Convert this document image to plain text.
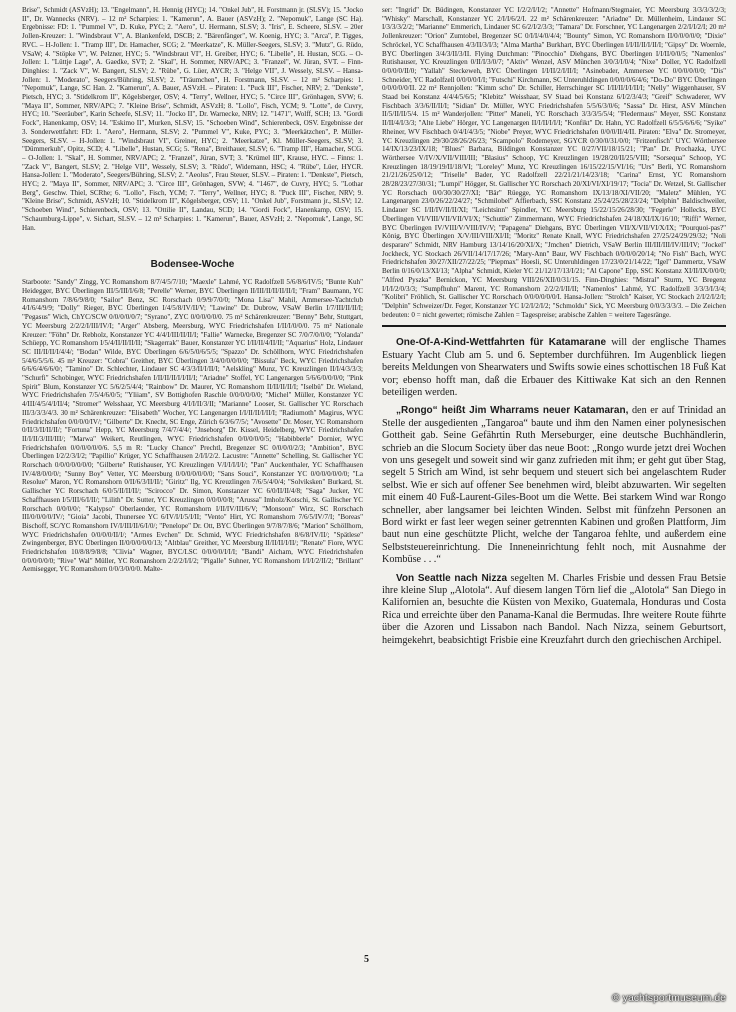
Brise", Schmidt (ASVzH); 13. "Engelmann", H. Hennig (HYC); 14. "Onkel Jub", H. Forstmann jr. (SLSV); 15. "Jocko II", Dr. Wannecks (NRV). – 12 m² Scharpies: 1. "Kamerun", A. Bauer (ASVzH); 2. "Nepomuk", Lange (SC Ha). Ergebnisse: FD: 1. "Pummel V", D. Kuke, PYC; 2. "Aero", U. Hermann, SLSV; 3. "Iris", E. Scheere, SLSV. – 20er Jollen-Kreuzer: 1. "Windsbraut V", A. Blankenfeld, DSCB; 2. "Bärenfänger", W. Koenig, HYC; 3. "Arca", P. Tigges, RVC. – H-Jollen: 1. "Tramp III", Dr. Hamacher, SCG; 2. "Meerkatze", K. Müller-Seegers, SLSV; 3. "Mutz", G. Rüdo, VSaW; 4. "Stöpke V", W. Pelzner, HYC; 5. "Windsbraut VI", H. Greiber, HYC; 6. "Libelle", H. Hustan, SCG. – O-Jollen: 1. "Lüttje Lage", A. Gaedke, SVT; 2. "Skal", H. Sommer, NRV/APC; 3. "Franzel", W. Jüran, SVT. – Finn-Dinghies: 1. "Zack V", W. Bangert, SLSV; 2. "Rübe", G. Lüer, AYCR; 3. "Helge VII", J. Wessely, SLSV. – Hansa-Jollen: 1. "Moderato", Seegers/Bühring, SLSV; 2. "Träumchen", H. Forstmann, SLSV. – 12 m² Scharpies: 1. "Nepomuk", Lange, SC Han. 2. "Kamerun", A. Bauer, ASVzH. – Piraten: 1. "Puck III", Fischer, NRV; 2. "Denkste", Pietsch, HYC; 3. "Stidelkrom II", Kögelsberger, OSV; 4. "Terry", Wellner, HYC; 5. "Circe III", Grönhagen, SVW; 6. "Maya II", Sommer, NRV/APC; 7. "Kleine Brise", Schmidt, ASVzH; 8. "Lollo", Fisch, YCM; 9. "Lotte", de Cuvry, HYC; 10. "Seeräuber", Karin Scheefe, SLSV; 11. "Jocko II", Dr. Warnecke, NRV; 12. "1471", Wolff, SCH; 13. "Gordi Fock", Hanenkamp, OSV; 14. "Eskimo II", Murken, SLSV; 15. "Schoeben Wind", Schierenbeck, OSV. Ergebnisse der 3. Sonderwettfahrt: FD: 1. "Aero", Hermann, SLSV; 2. "Pummel V", Kuke, PYC; 3. "Meerkätzchen", P. Müller-Seegers, SLSV. – H-Jollen: 1. "Windsbraut VI", Greiner, HYC; 2. "Meerkatze", Kl. Müller-Seegers, SLSV; 3. "Dümmerkuh", Opitz, SCD; 4. "Libelle", Hustan, SCG; 5. "Rena", Breithauer, SLSV; 6. "Tramp III", Hamacher, SCG. – O-Jollen: 1. "Skal", H. Sommer, NRV/APC; 2. "Franzel", Jüran, SVT; 3. "Krümel III", Krause, HYC. – Finns: 1. "Zack V", Bangert, SLSV; 2. "Helge VII", Wessely, SLSV; 3. "Rüdo", Widemann, HSC; 4. "Rübe", Lüer, HYCR. Hansa-Jollen: 1. "Moderato", Seegers/Bühring, SLSV; 2. "Aeolus", Frau Steuer, SLSV. – Piraten: 1. "Denkste", Pietsch, HYC; 2. "Maya II", Sommer, NRV/APC; 3. "Circe III", Grönhagen, SVW; 4. "1467", de Cuvry, HYC; 5. "Lothar Berg", Geschw. Thiel, SCRhe; 6. "Lollo", Fisch, YCM; 7. "Terry", Wellner, HYC; 8. "Puck III", Fischer, NRV; 9. "Kleine Brise", Schmidt, ASVzH; 10. "Stidelkrom II", Kögelsberger, OSV; 11. "Onkel Jub", Forstmann jr., SLSV; 12. "Schoeben Wind", Schierenbeck, OSV; 13. "Ottilie II", Landau, SCD; 14. "Gordi Fock", Hanenkamp, OSV; 15. "Schaumburg-Lippe", v. Sichart, SLSV. – 12 m² Scharpies: 1. "Kamerun", Bauer, ASVzH; 2. "Nepomuk", Lange, SC Han.

Bodensee-Woche

Starboote: "Sandy" Zingg, YC Romanshorn 8/7/4/5/7/10; "Maexle" Lahmé, YC Radolfzell 5/6/8/6/IV/5; "Bunte Kuh" Heidegger, BYC Überlingen III/5/III/I/6/8; "Perelle" Werner, BYC Überlingen II/III/II/II/II/II/I; "Fram" Baumann, YC Romanshorn 7/8/6/9/8/0; "Sailor" Benz, SC Rorschach 0/9/9/7/0/0; "Mona Lisa" Mahil, Ammersee-Yachtclub 4/I/6/4/9/9; "Dolly" Rieger, BYC Überlingen I/4/5/8/IV/II/V; "Lawine" Dr. Dubrow, VSaW Berlin I/7/III/II/II/I; "Pegasus" Wich, ChYC/SCW 0/0/0/0/0/7; "Syrano", ZYC 0/0/0/0/0/0. 75 m² Schärenkreuzer: "Benny" Behr, Stuttgart, YC Meersburg 2/2/2/I/III/IV/I; "Arger" Absberg, Meersburg, WYC Friedrichshafen I/II/I/0/0/0. 75 m² Nationale Kreuzer: "Föhn" Dr. Rebholz, Konstanzer YC 4/4/I/III/II/II/I; "Fallie" Warnecke, Bregenzer SC 7/0/7/0/0/0; "Yolanda" Schüepp, YC Romanshorn I/5/4/II/II/II/II; "Skagerrak" Bauer, Konstanzer YC I/II/II/4/II/II; "Aquarius" Holz, Lindauer SC III/II/II/I/4/4/; "Bodan" Wilde, BYC Überlingen 6/6/5/0/6/5/5; "Spazzo" Dr. Schöllhorn, WYC Friedrichshafen 5/4/6/5/5/6. 45 m² Kreuzer: "Cobra" Greither, BYC Überlingen 3/4/0/0/0/0/0; "Bissula" Beck, WYC Friedrichshafen 6/6/6/4/6/6/0/; "Tamino" Dr. Schlechter, Lindauer SC 4/3/3/II/I/II/I; "Aelskling" Munz, YC Kreuzlingen II/I/4/3/3/3; "Schurfi" Schobinger, WYC Friedrichshafen I/II/II/II/I/I/II/I; "Ariadne" Stoffel, YC Langenargen 5/6/6/0/0/0/0; "Pink Spirit" Blum, Konstanzer YC 5/6/2/5/4/4; "Rainbow" Dr. Maurer, YC Romanshorn II/II/II/II/I; "Iselbü" Dr. Wieland, WYC Friedrichshafen 7/5/4/6/0/5; "Yliiam", SV Bottighofen Raschle 0/0/0/0/0/0; "Michel" Müller, Konstanzer YC 4/III/4/5/4/I/II/4; "Stromer" Welsshaar, YC Meersburg 4/I/I/II/3/II; "Marianne" Looser, St. Gallischer YC Rorschach III/3/3/3/4/3. 30 m² Schärenkreuzer: "Elisabeth" Wocher, YC Langenargen I/I/II/II/I/II/I; "Radiumoth" Magirus, WYC Friedrichshafen 0/0/0/0/IV/; "Gilberte" Dr. Knecht, SC Enge, Zürich 6/3/6/7/5/; "Avosette" Dr. Moser, YC Romanshorn 0/II/3/II/II/II/; "Fortuna" Hepp, YC Meersburg 7/4/7/4/4/; "Jnseborg" Dr. Kissel, Heidelberg, WYC Friedrichshafen II/I/II/3/III/III/; "Marwa" Weikert, Reutlingen, WYC Friedrichshafen 0/0/0/0/0/5; "Habibberle" Dornier, WYC Friedrichshafen 0/0/0/0/0/0/6. 5,5 m R: "Lucky Chance" Prechtl, Bregenzer SC 0/0/0/0/2/3; "Ambition", BYC Überlingen I/2/2/3/I/2; "Papillio" Krüger, YC Schaffhausen 2/I/I/2/2. Lacustre: "Annette" Schelling, St. Gallischer YC Rorschach 0/0/0/0/0/0/0; "Gilberte" Rutishauser, YC Kreuzlingen V/I/I/I/I/I/; "Pan" Auckenthaler, YC Schaffhausen IV/4/8/0/0/0/; "Sunny Boy" Vetter, YC Meersburg 0/0/0/0/0/0/0; "Sans Souci", Konstanzer YC 0/0/0/0/0/0/0; "La Resolue" Maron, YC Romanshorn 0/II/6/3/II/II/; "Giritz" Ilg, YC Kreuzlingen 7/6/5/4/0/4; "Solviksken" Burkard, St. Gallischer YC Rorschach 6/0/5/II/II/II/; "Scirocco" Dr. Simon, Konstanzer YC 6/0/II/II/4/8; "Saga" Jucker, YC Schaffhausen I/5/III/6/I/II/; "Lilith" Dr. Sutter, YC Kreuzlingen 0/0/0/0/8; "Arussa" Imholz/Kotschi, St. Gallischer YC Rorschach 0/0/0/0/; "Kalypso" Oberlaender, YC Romanshorn I/II/IV/III/6/V; "Monsoon" Wirz, SC Rorschach III/0/0/0/0/IV/; "Gioia" Jacobi, Thunersee YC 6/IV/I/I/5/I/II; "Vento" Hirt, YC Romanshorn 7/6/5/IV/7/I; "Boreas" Bischoff, SC/YC Romanshorn IV/I/III/II/6/I/0/; "Penelope" Dr. Ott, BYC Überlingen 9/7/8/7/8/6; "Marion" Schöllhorn, WYC Friedrichshafen 0/0/0/0/II/I/; "Armes Evchen" Dr. Schmid, WYC Friedrichshafen 8/6/8/IV/II/; "Spätlese" Zwingenberger, BYC Überlingen II/0/0/0/0/0/13; "Altblau" Greither, YC Meersburg II/II/II/I/II/; "Renate" Fiore, WYC Friedrichshafen 10/8/8/9/8/8; "Clivia" Wagner, BYC/LSC 0/0/0/0/I/I/I; "Bandi" Aicham, WYC Friedrichshafen 0/0/0/0/0/0; "Rive" Wal" Müller, YC Romanshorn 2/2/2/I/I/2; "Pigalle" Suhner, YC Romanshorn I/I/I/2/II/2; "Brillant" Aemisegger, YC Romanshorn 0/0/3/0/0/0. Malte-

ser: "Ingrid" Dr. Büdingen, Konstanzer YC I/2/2/I/I/2; "Annette" Hofmann/Stegmaier, YC Meersburg 3/3/3/3/2/3; "Whisky" Marschall, Konstanzer YC 2/I/I/6/2/I. 22 m² Schärenkreuzer: "Ariadne" Dr. Müllenheim, Lindauer SC I/3/3/3/2/2; "Marianne" Emmerich, Lindauer SC 6/2/I/2/3/3; "Tamara" Dr. Forschner, YC Langenargen 2/2/I/I/2/I; 20 m² Jollenkreuzer: "Orion" Zumtobel, Bregenzer SC 0/I/I/4/0/4/4; "Bounty" Simon, YC Romanshorn II/0/0/0/0/0; "Dixie" Schröckel, YC Schaffhausen 4/3/II/3/I/3; "Alma Martha" Burkhart, BYC Überlingen I/I/II/II/I/II/I; "Gipsy" Dr. Woernle, BYC Überlingen 3/4/3/II/3/II. Flying Dutchman: "Pinocchio" Diehgans, BYC Überlingen I/I/II/0/0/5; "Namenlos" Rutishauser, YC Kreuzlingen 0/II/I/3/0/7; "Aktiv" Wenzel, ASV München 3/0/3/I/0/4; "Nixe" Doller, YC Radolfzell 0/0/0/0/II/0; "Yallah" Steckeweh, BYC Überlingen I/I/II/2/I/II/I; "Asinebader, Ammersee YC 0/0/0/0/0/0; "Dis" Schneider, YC Radolfzell 0/0/0/0/I/I; "Futschi" Kirchmann, SC Unteruhldingen 0/0/0/0/6/4/6; "Do-Do" BYC Überlingen 0/0/0/0/0/II. 22 m² Rennjollen: "Kimm scho" Dr. Schiller, Herrschinger SC I/II/II/I/I/II/I; "Nelly" Wiggenhauser, SV Staad bei Konstanz 4/4/4/5/6/5; "Klebitz" Weisshaar, SV Staad bei Konstanz 6/I/2/3/4/3; "Greif" Schwaderer, WV Fischbach 3/3/6/II/II/I; "Sidian" Dr. Müller, WYC Friedrichshafen 5/5/6/3/0/6; "Sassa" Dr. Hirst, ASV München II/5/II/II/5/4. 15 m² Wanderjollen: "Pitter" Maneli, YC Rorschach 3/3/3/5/5/4; "Fledermaus" Meyer, SSC Konstanz II/II/4/I/3/3; "Alte Liebe" Hörger, YC Langenargen II/I/II/I/I/I; "Konfikt" Dr. Hahn, YC Radolfzell 6/5/5/6/6/6; "Syike" Rheiner, WV Fischbach 0/4/I/4/3/5; "Niobe" Preyer, WYC Friedrichshafen 0/0/0/II/4/II. Piraten: "Elva" Dr. Stromeyer, YC Kreuzlingen 29/30/28/26/26/23; "Scampolo" Rodemeyer, SGYCR 0/30/0/31/0/0; "Fritzenfisch" UYC Wörthersee 14/IX/13/23/IX/18; "Blues" Barbara, Bildingen Konstanzer YC 0/27/VII/18/15/21; "Pan" Dr. Prochazka, UYC Wörthersee V/IV/X/VII/VIII/III; "Blasius" Schoop, YC Kreuzlingen 19/28/20/II/25/VIII; "Sorsequa" Schoop, YC Kreuzlingen 18/19/19/II/18/VI; "Loreley" Munz, YC Kreuzlingen 16/15/22/15/VI/16; "Urs" Berli, YC Romanshorn 21/21/26/25/0/12; "Triselle" Bader, YC Radolfzell 22/21/21/14/23/18; "Carina" Ernst, YC Romanshorn 28/28/23/27/30/31; "Lumpi" Högger, St. Gallischer YC Rorschach 20/XI/VI/XI/19/17; "Tocia" Dr. Wetzel, St. Gallischer YC Rorschach 0/0/30/30/27/XI; "Bär" Rüegge, YC Romanshorn IX/13/18/XI/VII/20; "Maletz" Mühlen, YC Langenargen 23/0/26/22/24/27; "Schmilobel" Affierbach, SSC Konstanz 25/24/25/28/23/24; "Delphin" Baldischweiler, Lindauer SC I/II/IV/II/II/XI; "Leichtsinn" Spindler, YC Meersburg 15/22/15/26/28/30; "Fegerle" Hollecks, BYC Überlingen VI/VIII/VII/VII/VI/X; "Schuttie" Zimmermann, WYC Friedrichshafen 24/18/XI/IX/16/10; "Riffi" Werner, BYC Überlingen IV/VIII/V/VIII/IV/V; "Papagena" Diehgans, BYC Überlingen VII/X/VII/VI/X/IX; "Pourquoi-pas?" König, BYC Überlingen X/V/III/VIII/XI/II; "Moritz" Renate Knall, WYC Friedrichshafen 27/25/24/29/29/32; "Noli desparare" Schmidt, NRV Hamburg 13/14/16/20/XI/X; "Jmchen" Dietrich, VSaW Berlin III/III/III/IV/III/IV; "Jockel" Jockheck, YC Stockach 26/VII/14/17/17/26; "Mary-Ann" Baur, WV Fischbach 0/0/0/0/20/14; "No Fish" Bach, WYC Friedrichshafen 30/27/XII/27/22/25; "Piepmax" Hoesli, SC Unteruhldingen 17/23/0/21/14/22; "Igel" Dammertz, VSaW Berlin 0/16/0/13/XI/13; "Alpha" Schmidt, Kieler YC 21/12/17/13/I/21; "Al Capone" Epp, SSC Konstanz XI/II/IX/0/0/0; "Alfred Pyszka" Bernickon, YC Meersburg VIII/26/XII/0/31/15. Finn-Dinghies: "Mistral" Sturm, YC Bregenz I/I/I/2/0/3/3; "Sumpfhuhn" Marent, YC Romanshorn 2/2/2/I/II/II; "Namenlos" Lahmé, YC Radolfzell 3/3/3/I/3/4; "Kolibri" Fröhlich, St. Gallischer YC Rorschach 0/0/0/0/0/0/I. Hansa-Jollen: "Strolch" Kaiser, YC Stockach 2/I/2/I/2/I; "Delphin" Schweizer/Dr. Feger, Konstanzer YC I/2/I/2/I/2; "Schmoldu" Sick, YC Meersburg 0/0/3/3/3/3. – Die Zeichen bedeuten: 0 = nicht gewertet; römische Zahlen = Tagespreise; arabische Zahlen = weitere Tagesränge.

One-Of-A-Kind-Wettfahrten für Katamarane will der englische Thames Estuary Yacht Club am 5. und 6. September durchführen. Im Augenblick liegen bereits Meldungen von Shearwaters und Swifts sowie eines schottischen 18 Fuß Kat vor; ebenso hofft man, daß die Erbauer des Kittiwake Kat sich an den Rennen beteiligen werden.

„Rongo“ heißt Jim Wharrams neuer Katamaran, den er auf Trinidad an Stelle der ausgedienten „Tangaroa“ baute und ihm den Namen einer polynesischen Gottheit gab. Seine Gefährtin Ruth Merseburger, eine deutsche Buchhändlerin, schrieb an die Slocum Society über das neue Boot: „Rongo wurde jetzt drei Wochen von uns gesegelt und soweit sind wir ganz zufrieden mit ihm; er geht gut über Stag, segelt 5 Strich am Wind, ist sehr bequem und steuert sich bei angelaschtem Ruder selbst. Wie er sich auf offener See benehmen wird, bleibt abzuwarten. Wir segelten mit einem 40 Fuß-Laurent-Giles-Boot um die Wette. Bei starkem Wind war Rongo schneller, aber langsamer bei leichten Winden. Selbst mit fünfzehn Personen an Bord wirkt er fast leer wegen seiner getrennten Kabinen und großen Plattform, Jim baut nun eine geschützte Plicht, welche der Tangaroa fehlte, und außerdem eine Selbststeuereinrichtung. Die Inneneinrichtung fehlt noch, mit Ausnahme der Kombüse . . .“

Von Seattle nach Nizza segelten M. Charles Frisbie und dessen Frau Betsie ihre kleine Slup „Alotola“. Auf diesem langen Törn lief die „Alotola“ San Diego in Kalifornien an, besuchte die Küsten von Mexiko, Guatemala, Honduras und Costa Rica und erreichte über den Panama-Kanal die Bermudas. Ihre weitere Route führte über die Azoren und Lissabon nach Bandol. Nach Nizza, seinem Geburtsort, heimgekehrt, beabsichtigt Frisbie eine Kreuzfahrt durch den griechischen Archipel.

5
© yachtsportmuseum.de
